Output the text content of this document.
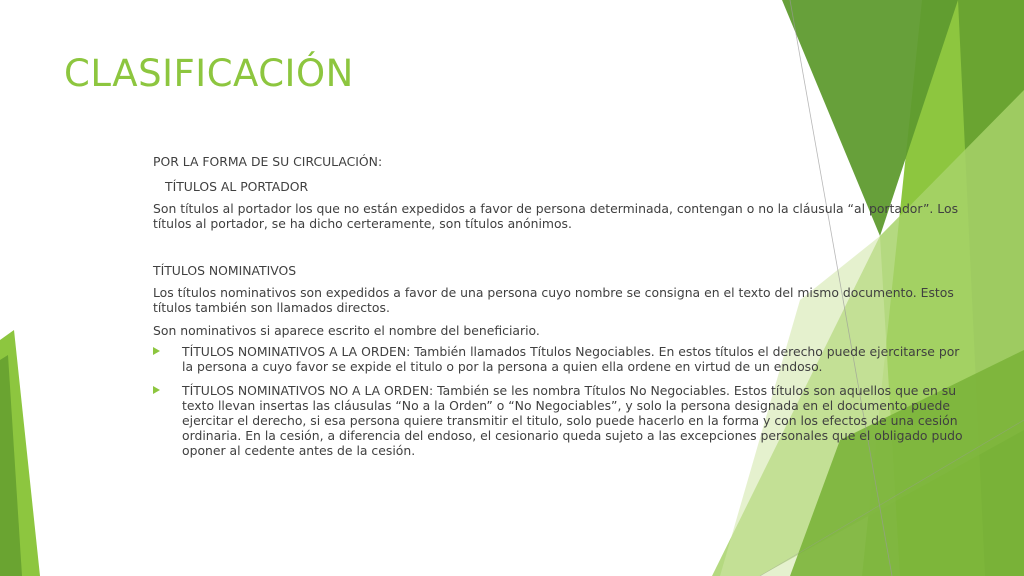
CLASIFICACIÓN

POR LA FORMA DE SU CIRCULACIÓN:

TÍTULOS AL PORTADOR

Son títulos al portador los que no están expedidos a favor de persona determinada, contengan o no la cláusula “al portador”. Los títulos al portador, se ha dicho certeramente, son títulos anónimos.

TÍTULOS NOMINATIVOS

Los títulos nominativos son expedidos a favor de una persona cuyo nombre se consigna en el texto del mismo documento. Estos títulos también son llamados directos.

Son nominativos si aparece escrito el nombre del beneficiario.

TÍTULOS NOMINATIVOS A LA ORDEN: También llamados Títulos Negociables. En estos títulos el derecho puede ejercitarse por la persona a cuyo favor se expide el titulo o por la persona a quien ella ordene en virtud de un endoso.
TÍTULOS NOMINATIVOS NO A LA ORDEN: También se les nombra Títulos No Negociables. Estos títulos son aquellos que en su texto llevan insertas las cláusulas “No a la Orden” o “No Negociables”, y solo la persona designada en el documento puede ejercitar el derecho, si esa persona quiere transmitir el titulo, solo puede hacerlo en la forma y con los efectos de una cesión ordinaria. En la cesión, a diferencia del endoso, el cesionario queda sujeto a las excepciones personales que el obligado pudo oponer al cedente antes de la cesión.
